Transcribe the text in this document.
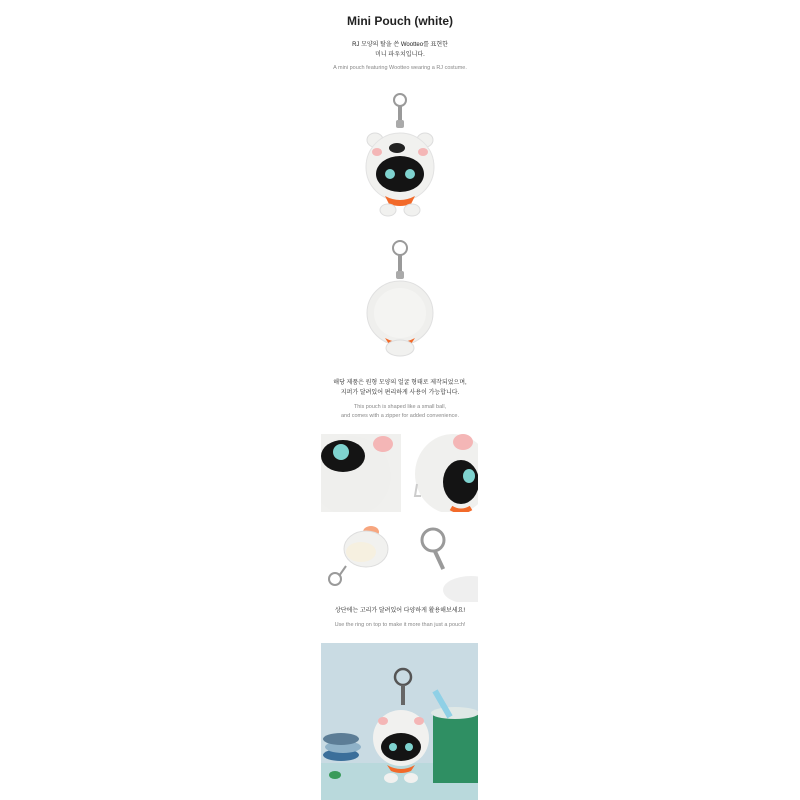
Mini Pouch (white)
RJ 모양의 탈을 쓴 Wootteo를 표현한
미니 파우치입니다.
A mini pouch featuring Wootteo wearing a RJ costume.
해당 제품은 원형 모양의 얼굴 형태로 제작되었으며,
지퍼가 달려있어 편리하게 사용이 가능합니다.
This pouch is shaped like a small ball,
and comes with a zipper for added convenience.
상단에는 고리가 달려있어 다양하게 활용해보세요!
Use the ring on top to make it more than just a pouch!
